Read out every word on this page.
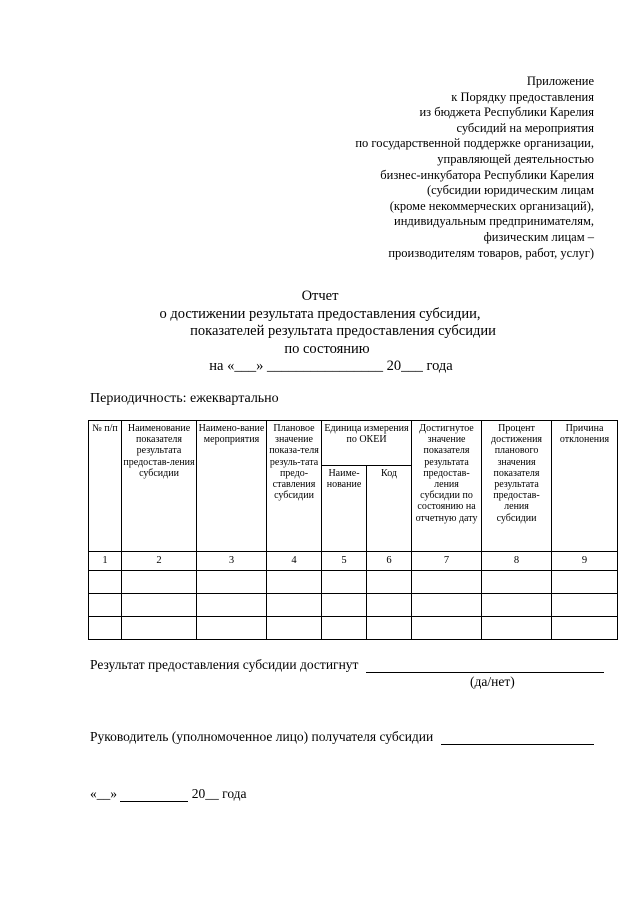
Приложение
к Порядку предоставления
из бюджета Республики Карелия
субсидий на мероприятия
по государственной поддержке организации,
управляющей деятельностью
бизнес-инкубатора Республики Карелия
(субсидии юридическим лицам
(кроме некоммерческих организаций),
индивидуальным предпринимателям,
физическим лицам –
производителям товаров, работ, услуг)
Отчет
о достижении результата предоставления субсидии,
показателей результата предоставления субсидии
по состоянию
на «___» ________________ 20___ года
Периодичность: ежеквартально
№ п/п	Наименование показателя результата предостав-ления субсидии	Наимено-вание мероприятия	Плановое значение показа-теля резуль-тата предо-ставления субсидии	Единица измерения по ОКЕИ		Достигнутое значение показателя результата предостав-ления субсидии по состоянию на отчетную дату	Процент достижения планового значения показателя результата предостав-ления субсидии	Причина отклонения
				Наиме-нование	Код			
1	2	3	4	5	6	7	8	9

Результат предоставления субсидии достигнут
(да/нет)
Руководитель (уполномоченное лицо) получателя субсидии
«__»	20__ года
